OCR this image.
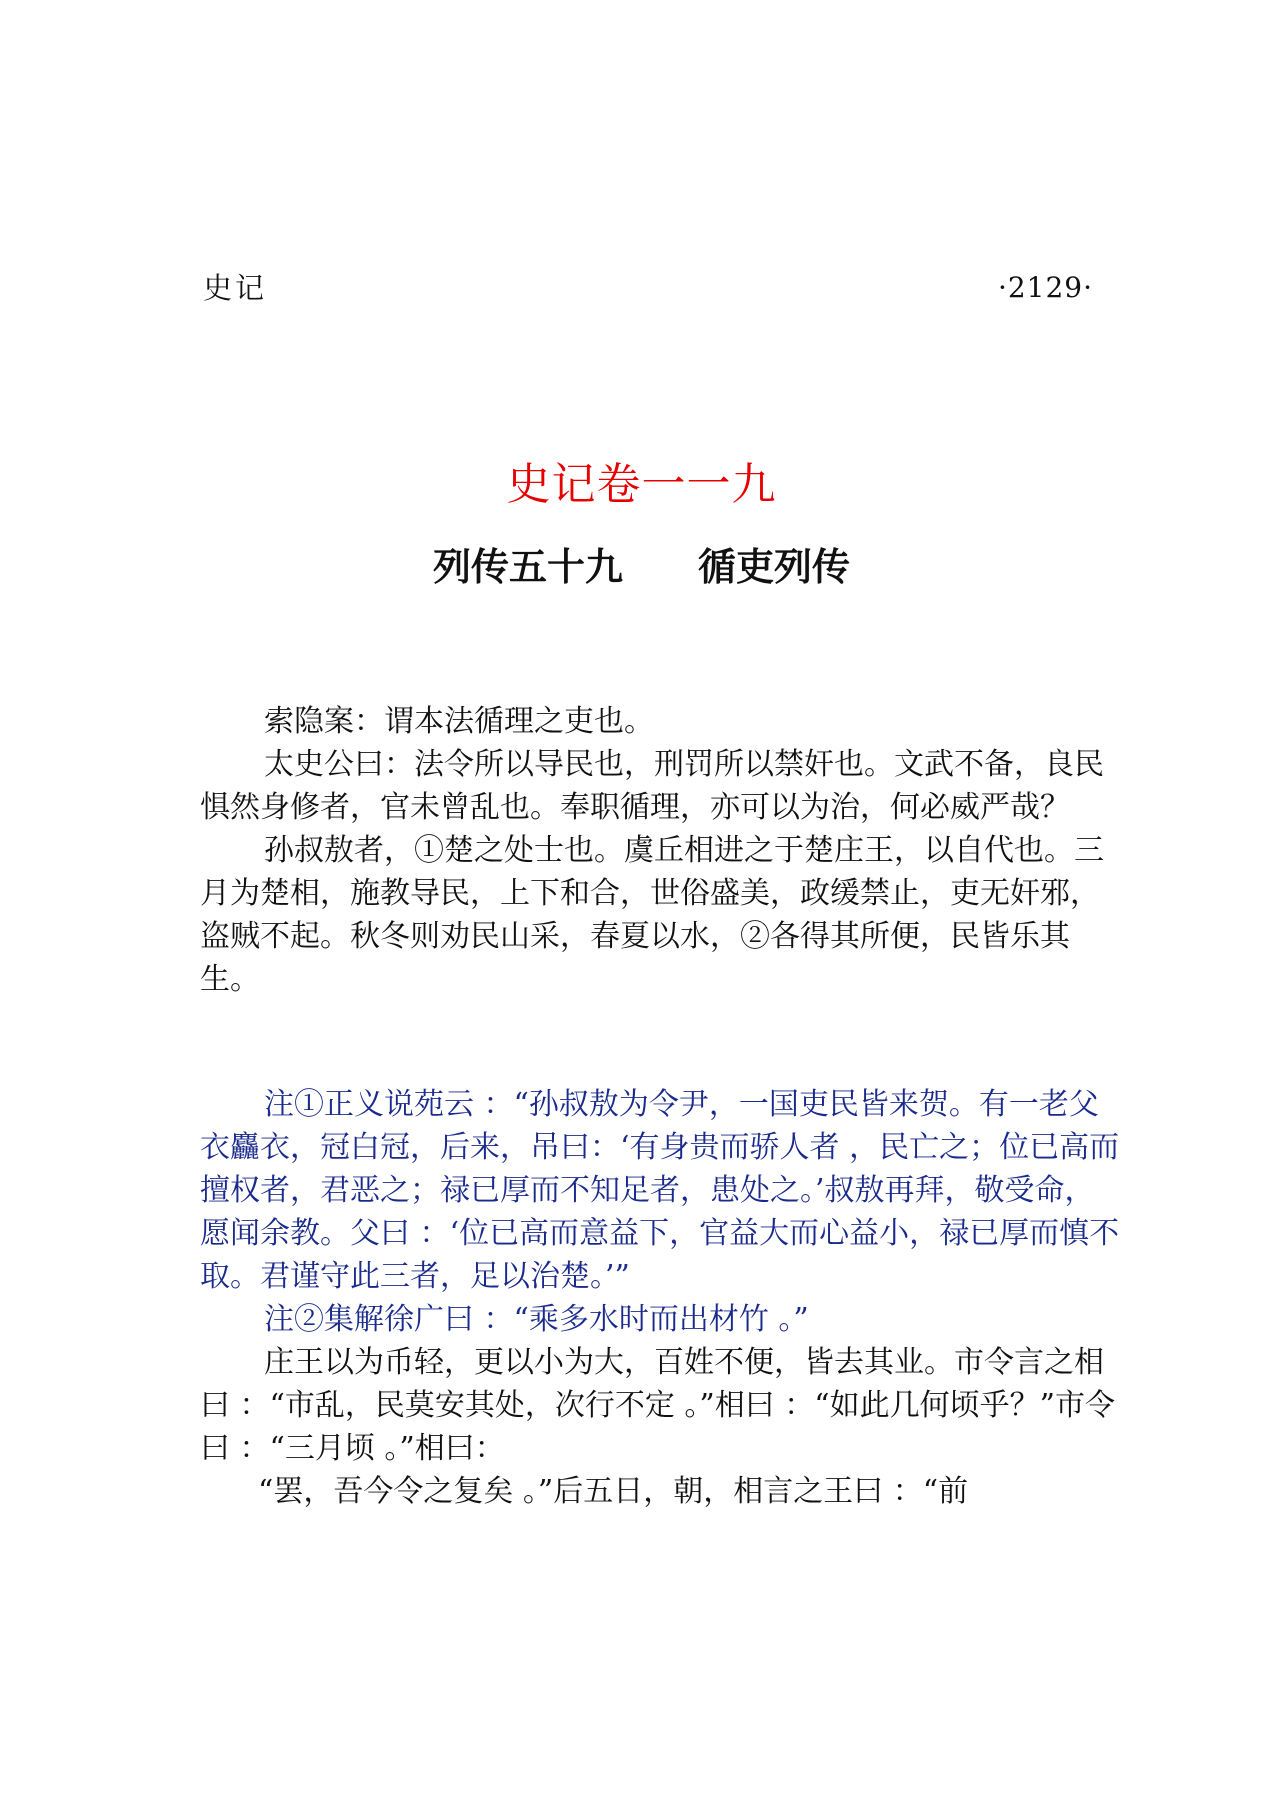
史记	·2129·
史记卷一一九
列传五十九 循吏列传

索隐案：谓本法循理之吏也。

太史公曰：法令所以导民也，刑罚所以禁奸也。文武不备，良民惧然身修者，官未曾乱也。奉职循理，亦可以为治，何必威严哉？

孙叔敖者，①楚之处士也。虞丘相进之于楚庄王，以自代也。三月为楚相，施教导民，上下和合，世俗盛美，政缓禁止，吏无奸邪，盗贼不起。秋冬则劝民山采，春夏以水，②各得其所便，民皆乐其生。

注①正义说苑云 ：“孙叔敖为令尹，一国吏民皆来贺。有一老父衣麤衣，冠白冠，后来，吊曰：‘有身贵而骄人者 ，民亡之；位已高而擅权者，君恶之；禄已厚而不知足者，患处之。’叔敖再拜，敬受命，愿闻余教。父曰 ：‘位已高而意益下，官益大而心益小，禄已厚而慎不取。君谨守此三者，足以治楚。’”

注②集解徐广曰 ：“乘多水时而出材竹 。”

庄王以为币轻，更以小为大，百姓不便，皆去其业。市令言之相曰 ：“市乱，民莫安其处，次行不定 。”相曰 ：“如此几何顷乎？”市令曰 ：“三月顷 。”相曰：

“罢，吾今令之复矣 。”后五日，朝，相言之王曰 ：“前
